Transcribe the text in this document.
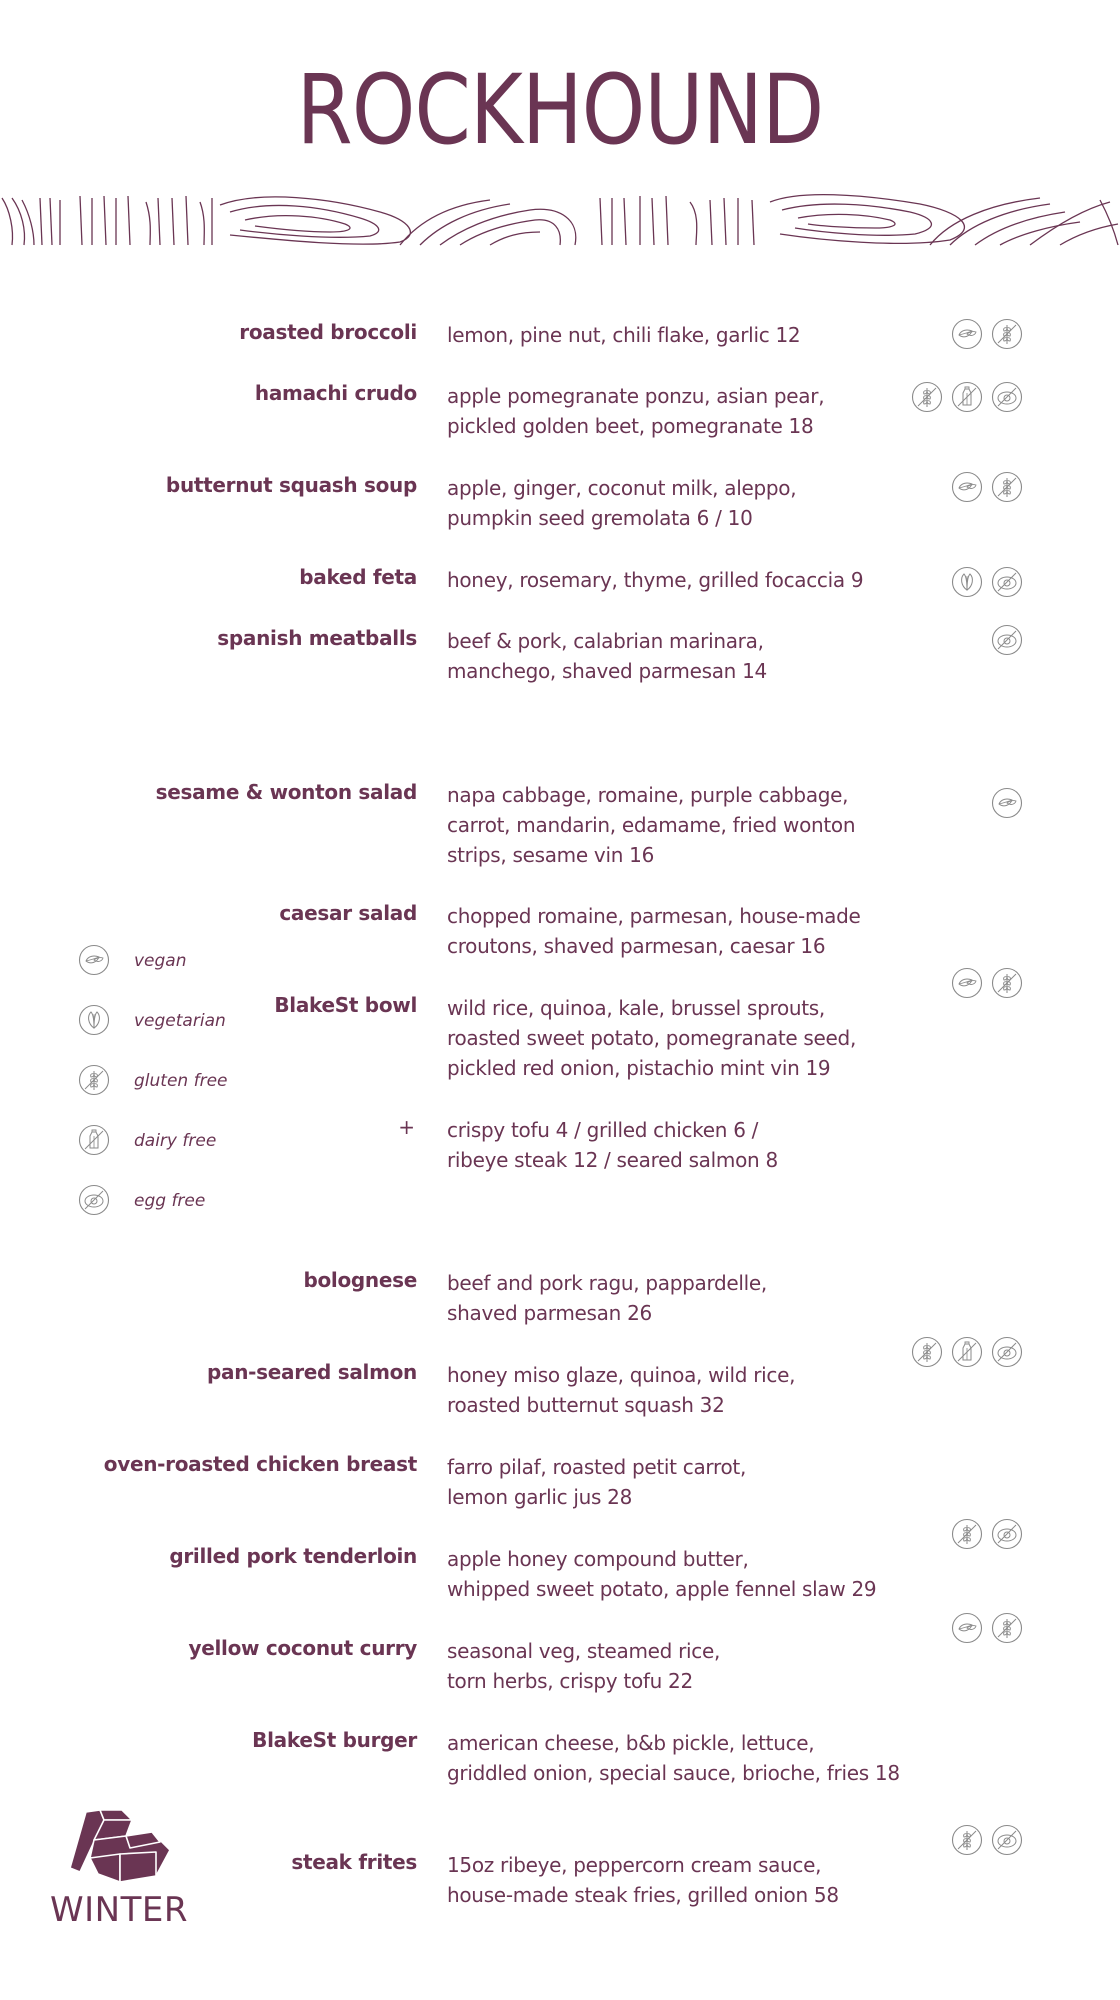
ROCKHOUND
roasted broccoli lemon, pine nut, chili flake, garlic 12
hamachi crudo apple pomegranate ponzu, asian pear,
pickled golden beet, pomegranate 18
butternut squash soup apple, ginger, coconut milk, aleppo,
pumpkin seed gremolata 6 / 10
baked feta honey, rosemary, thyme, grilled focaccia 9
spanish meatballs beef & pork, calabrian marinara,
manchego, shaved parmesan 14
sesame & wonton salad napa cabbage, romaine, purple cabbage,
carrot, mandarin, edamame, fried wonton
strips, sesame vin 16
caesar salad chopped romaine, parmesan, house-made
croutons, shaved parmesan, caesar 16
BlakeSt bowl wild rice, quinoa, kale, brussel sprouts,
roasted sweet potato, pomegranate seed,
pickled red onion, pistachio mint vin 19
+ crispy tofu 4 / grilled chicken 6 /
ribeye steak 12 / seared salmon 8
bolognese beef and pork ragu, pappardelle,
shaved parmesan 26
pan-seared salmon honey miso glaze, quinoa, wild rice,
roasted butternut squash 32
oven-roasted chicken breast farro pilaf, roasted petit carrot,
lemon garlic jus 28
grilled pork tenderloin apple honey compound butter,
whipped sweet potato, apple fennel slaw 29
yellow coconut curry seasonal veg, steamed rice,
torn herbs, crispy tofu 22
BlakeSt burger american cheese, b&b pickle, lettuce,
griddled onion, special sauce, brioche, fries 18
steak frites 15oz ribeye, peppercorn cream sauce,
house-made steak fries, grilled onion 58
vegan
vegetarian
gluten free
dairy free
egg free
WINTER
